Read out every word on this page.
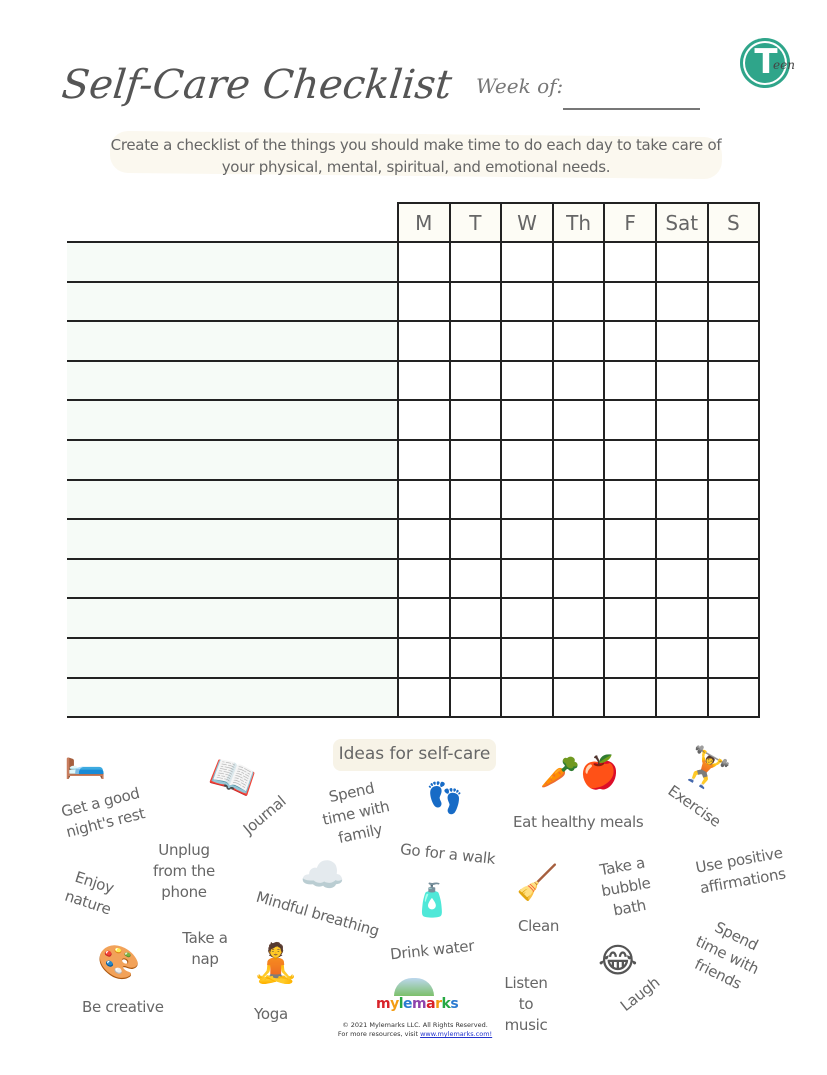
Self-Care Checklist Week of:
T
een
Create a checklist of the things you should make time to do each day to take care of
your physical, mental, spiritual, and emotional needs.
	M	T	W	Th	F	Sat	S

Ideas for self-care
🛏️
Get a good night's rest
📖
Journal	Spend time with family
👣
Go for a walk
🥕🍎
Eat healthy meals
🏋️
Exercise
Unplug from the phone
Enjoy nature
☁️
Mindful breathing 🧴
Drink water
🧹
Clean
Take a bubble bath
Use positive affirmations
Take a nap
🎨
Be creative
🧘
Yoga
Listen to music
😂
Laugh
Spend time with friends
mylemarks
© 2021 Mylemarks LLC. All Rights Reserved.
For more resources, visit www.mylemarks.com!
